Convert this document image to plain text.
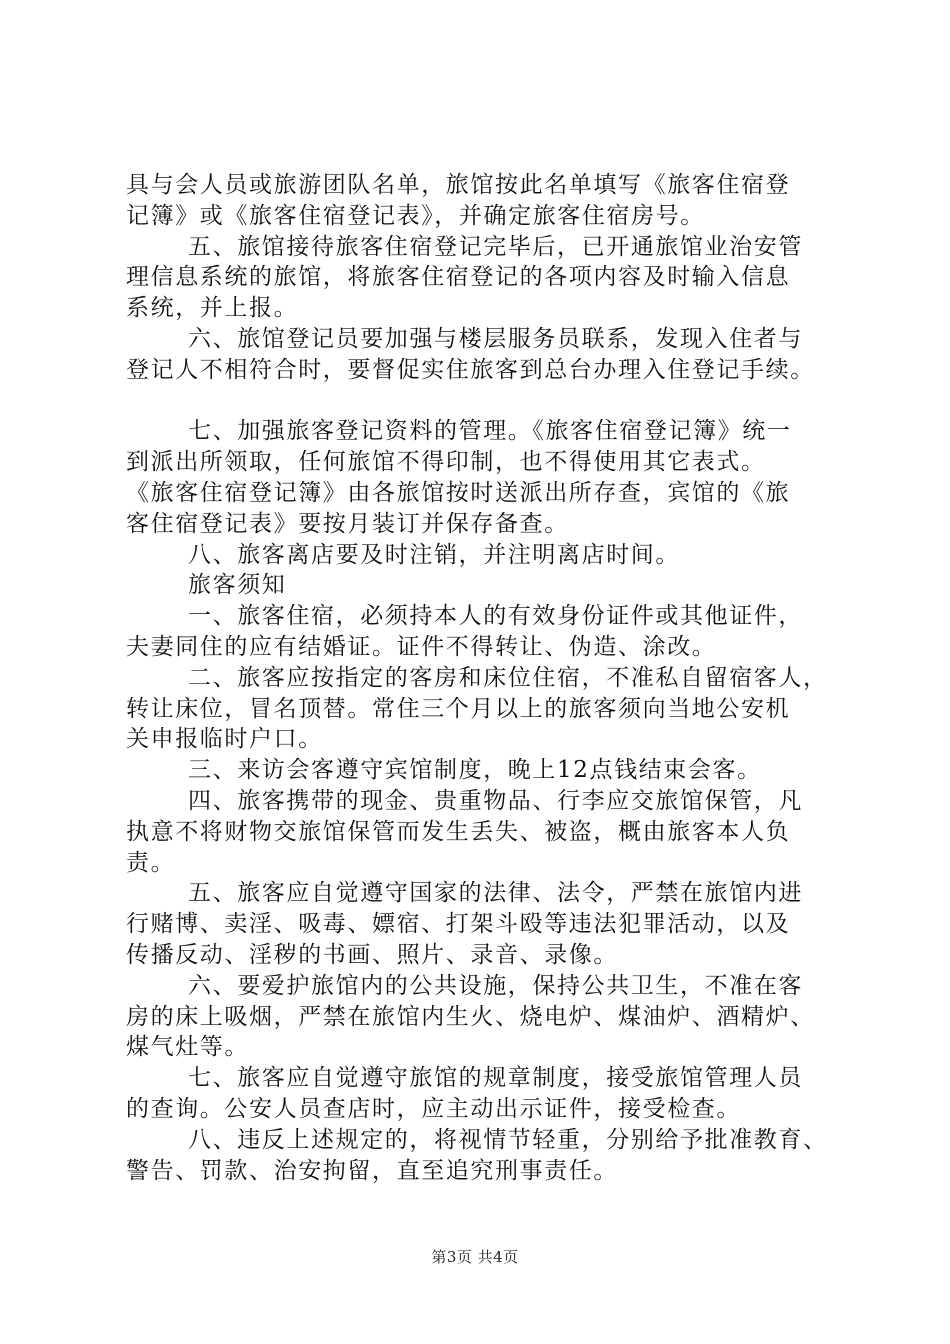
具与会人员或旅游团队名单，旅馆按此名单填写《旅客住宿登
记簿》或《旅客住宿登记表》，并确定旅客住宿房号。

五、旅馆接待旅客住宿登记完毕后，已开通旅馆业治安管
理信息系统的旅馆，将旅客住宿登记的各项内容及时输入信息
系统，并上报。

六、旅馆登记员要加强与楼层服务员联系，发现入住者与
登记人不相符合时，要督促实住旅客到总台办理入住登记手续。

七、加强旅客登记资料的管理。《旅客住宿登记簿》统一
到派出所领取，任何旅馆不得印制，也不得使用其它表式。
《旅客住宿登记簿》由各旅馆按时送派出所存查，宾馆的《旅
客住宿登记表》要按月装订并保存备查。

八、旅客离店要及时注销，并注明离店时间。

旅客须知

一、旅客住宿，必须持本人的有效身份证件或其他证件，
夫妻同住的应有结婚证。证件不得转让、伪造、涂改。

二、旅客应按指定的客房和床位住宿，不准私自留宿客人，
转让床位，冒名顶替。常住三个月以上的旅客须向当地公安机
关申报临时户口。

三、来访会客遵守宾馆制度，晚上12点钱结束会客。

四、旅客携带的现金、贵重物品、行李应交旅馆保管，凡
执意不将财物交旅馆保管而发生丢失、被盗，概由旅客本人负
责。

五、旅客应自觉遵守国家的法律、法令，严禁在旅馆内进
行赌博、卖淫、吸毒、嫖宿、打架斗殴等违法犯罪活动，以及
传播反动、淫秽的书画、照片、录音、录像。

六、要爱护旅馆内的公共设施，保持公共卫生，不准在客
房的床上吸烟，严禁在旅馆内生火、烧电炉、煤油炉、酒精炉、
煤气灶等。

七、旅客应自觉遵守旅馆的规章制度，接受旅馆管理人员
的查询。公安人员查店时，应主动出示证件，接受检查。

八、违反上述规定的，将视情节轻重，分别给予批准教育、
警告、罚款、治安拘留，直至追究刑事责任。

第3页 共4页
